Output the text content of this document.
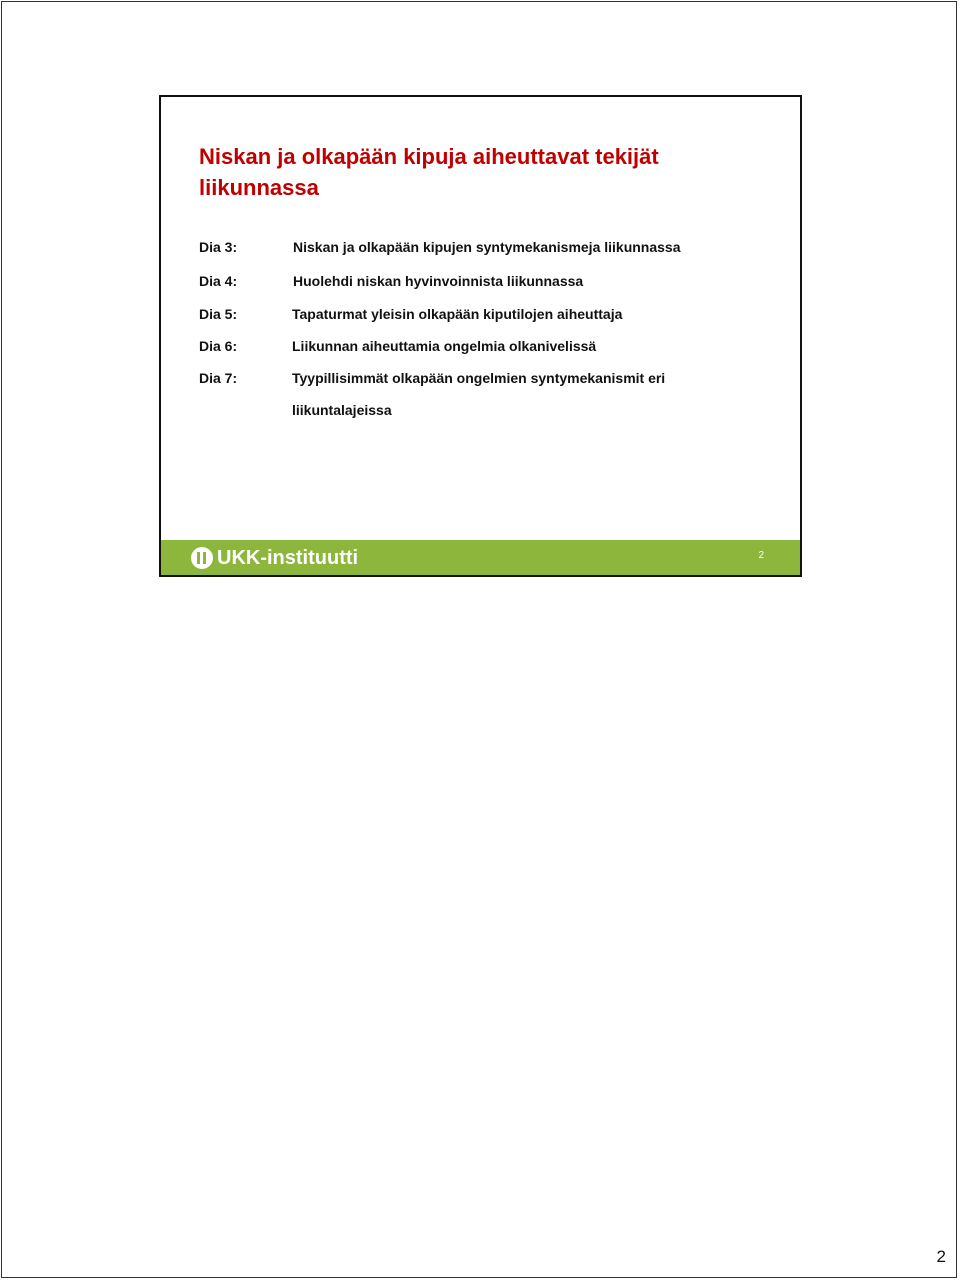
Niskan ja olkapään kipuja aiheuttavat tekijät
liikunnassa
Dia 3:	Niskan ja olkapään kipujen syntymekanismeja liikunnassa
Dia 4:	Huolehdi niskan hyvinvoinnista liikunnassa
Dia 5:	Tapaturmat yleisin olkapään kiputilojen aiheuttaja
Dia 6:	Liikunnan aiheuttamia ongelmia olkanivelissä
Dia 7:	Tyypillisimmät olkapään ongelmien syntymekanismit eri
liikuntalajeissa
UKK-instituutti	2
2
